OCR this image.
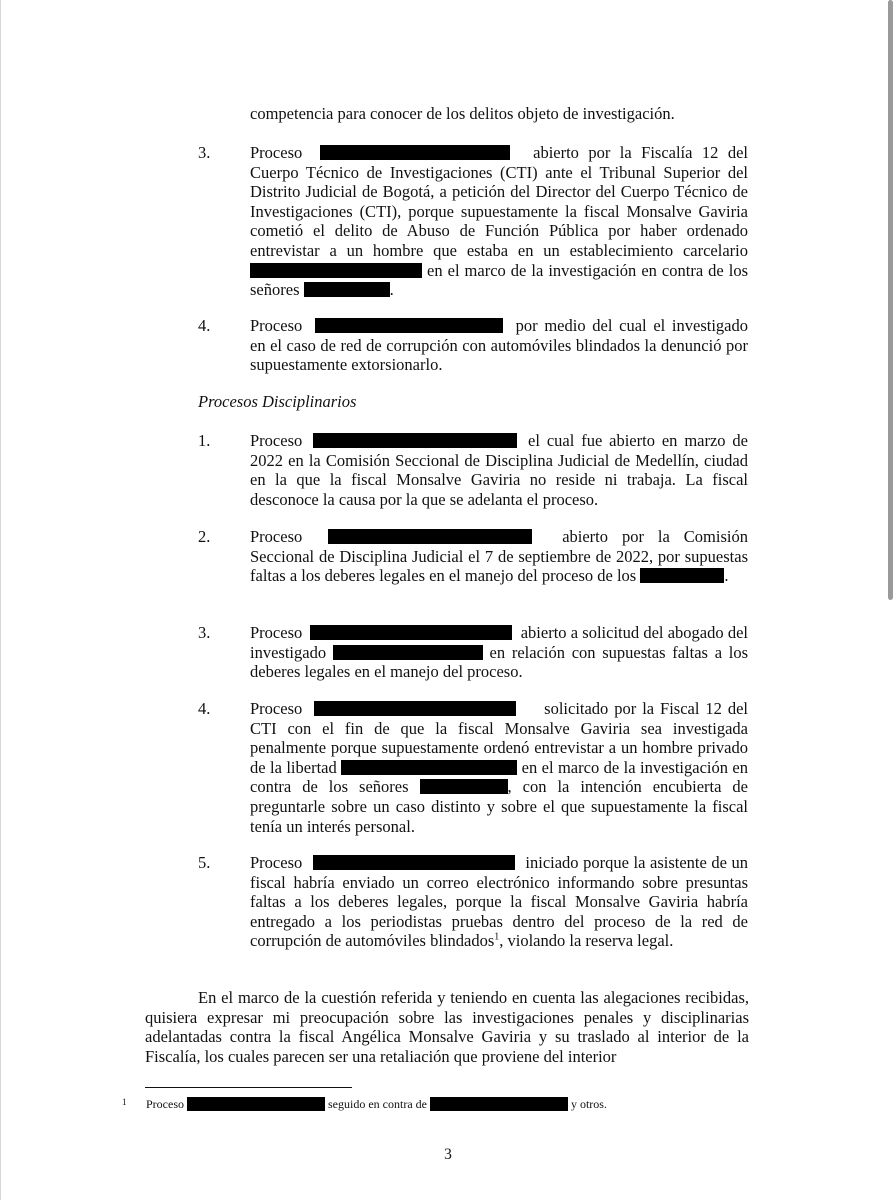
competencia para conocer de los delitos objeto de investigación.
3. Proceso	abierto por la Fiscalía 12 del Cuerpo Técnico de Investigaciones (CTI) ante el Tribunal Superior del Distrito Judicial de Bogotá, a petición del Director del Cuerpo Técnico de Investigaciones (CTI), porque supuestamente la fiscal Monsalve Gaviria cometió el delito de Abuso de Función Pública por haber ordenado entrevistar a un hombre que estaba en un establecimiento carcelario  en el marco de la investigación en contra de los señores	.
4. Proceso	por medio del cual el investigado en el caso de red de corrupción con automóviles blindados la denunció por supuestamente extorsionarlo.
Procesos Disciplinarios
1. Proceso	el cual fue abierto en marzo de 2022 en la Comisión Seccional de Disciplina Judicial de Medellín, ciudad en la que la fiscal Monsalve Gaviria no reside ni trabaja. La fiscal desconoce la causa por la que se adelanta el proceso.
2. Proceso	abierto por la Comisión Seccional de Disciplina Judicial el 7 de septiembre de 2022, por supuestas faltas a los deberes legales en el manejo del proceso de los	.
3. Proceso	abierto a solicitud del abogado del investigado	en relación con supuestas faltas a los deberes legales en el manejo del proceso.
4. Proceso	solicitado por la Fiscal 12 del CTI con el fin de que la fiscal Monsalve Gaviria sea investigada penalmente porque supuestamente ordenó entrevistar a un hombre privado de la libertad	en el marco de la investigación en contra de los señores	, con la intención encubierta de preguntarle sobre un caso distinto y sobre el que supuestamente la fiscal tenía un interés personal.
5. Proceso	iniciado porque la asistente de un fiscal habría enviado un correo electrónico informando sobre presuntas faltas a los deberes legales, porque la fiscal Monsalve Gaviria habría entregado a los periodistas pruebas dentro del proceso de la red de corrupción de automóviles blindados$^1$, violando la reserva legal.
En el marco de la cuestión referida y teniendo en cuenta las alegaciones recibidas, quisiera expresar mi preocupación sobre las investigaciones penales y disciplinarias adelantadas contra la fiscal Angélica Monsalve Gaviria y su traslado al interior de la Fiscalía, los cuales parecen ser una retaliación que proviene del interior
1 Proceso	seguido en contra de	y otros.
3
